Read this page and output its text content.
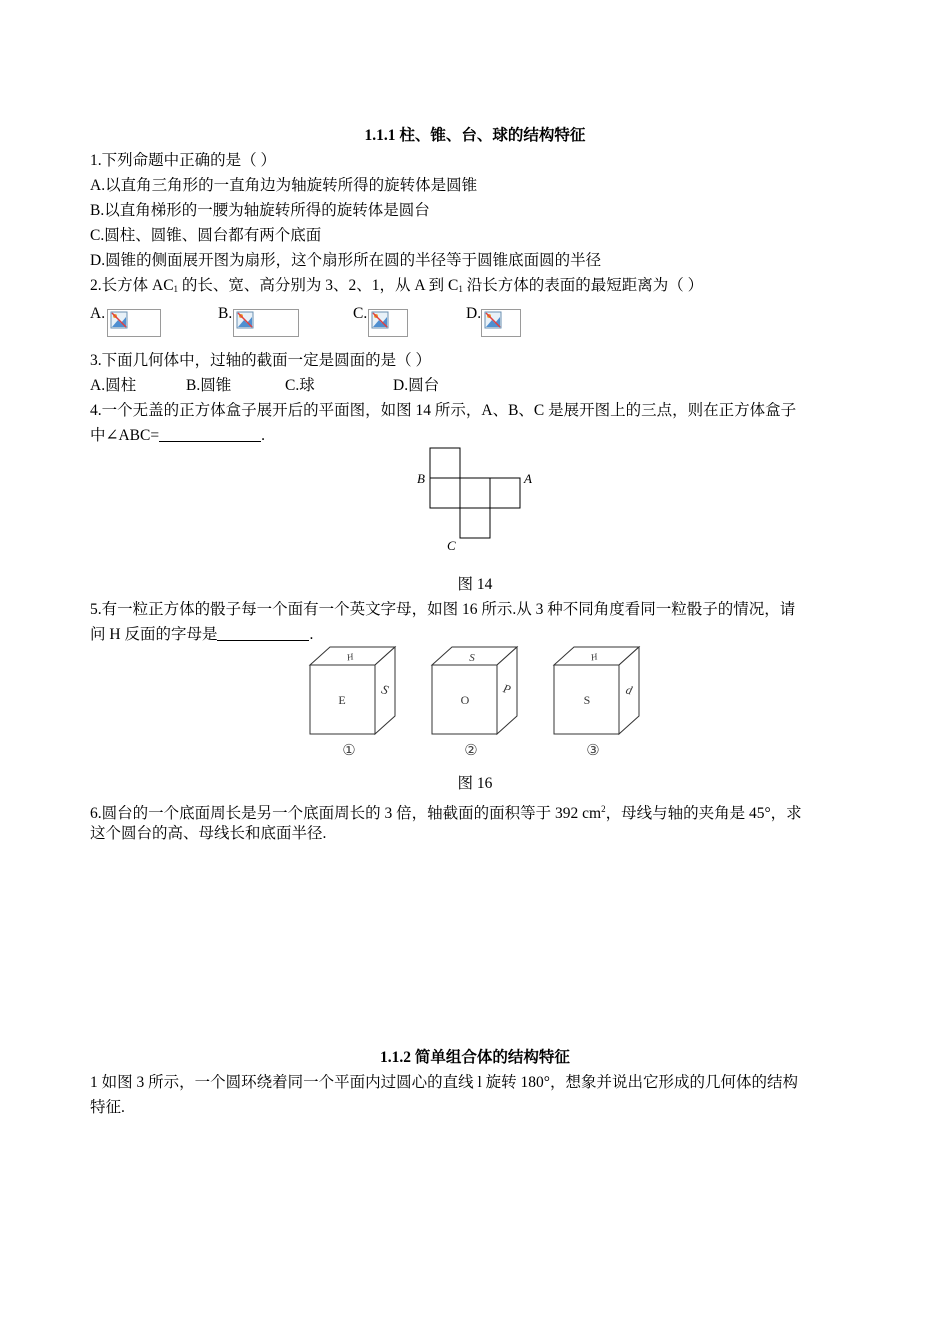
1.1.1 柱、锥、台、球的结构特征
1.下列命题中正确的是（ ）
A.以直角三角形的一直角边为轴旋转所得的旋转体是圆锥
B.以直角梯形的一腰为轴旋转所得的旋转体是圆台
C.圆柱、圆锥、圆台都有两个底面
D.圆锥的侧面展开图为扇形，这个扇形所在圆的半径等于圆锥底面圆的半径
2.长方体 $AC_1$ 的长、宽、高分别为 3、2、1，从 A 到 $C_1$ 沿长方体的表面的最短距离为（ ）
A.	B.	C.	D.
3.下面几何体中，过轴的截面一定是圆面的是（ ）
A.圆柱	B.圆锥	C.球	D.圆台
4.一个无盖的正方体盒子展开后的平面图，如图 14 所示，A、B、C 是展开图上的三点，则在正方体盒子
中∠ABC=	.
B	A
C
图 14
5.有一粒正方体的骰子每一个面有一个英文字母，如图 16 所示.从 3 种不同角度看同一粒骰子的情况，请
问 H 反面的字母是	.
H
S
E
①
S
P
O
②
H
d
S
③
图 16
6.圆台的一个底面周长是另一个底面周长的 3 倍，轴截面的面积等于 392 $cm^2$，母线与轴的夹角是 45°，求
这个圆台的高、母线长和底面半径.
1.1.2 简单组合体的结构特征
1 如图 3 所示，一个圆环绕着同一个平面内过圆心的直线 l 旋转 180°，想象并说出它形成的几何体的结构
特征.
